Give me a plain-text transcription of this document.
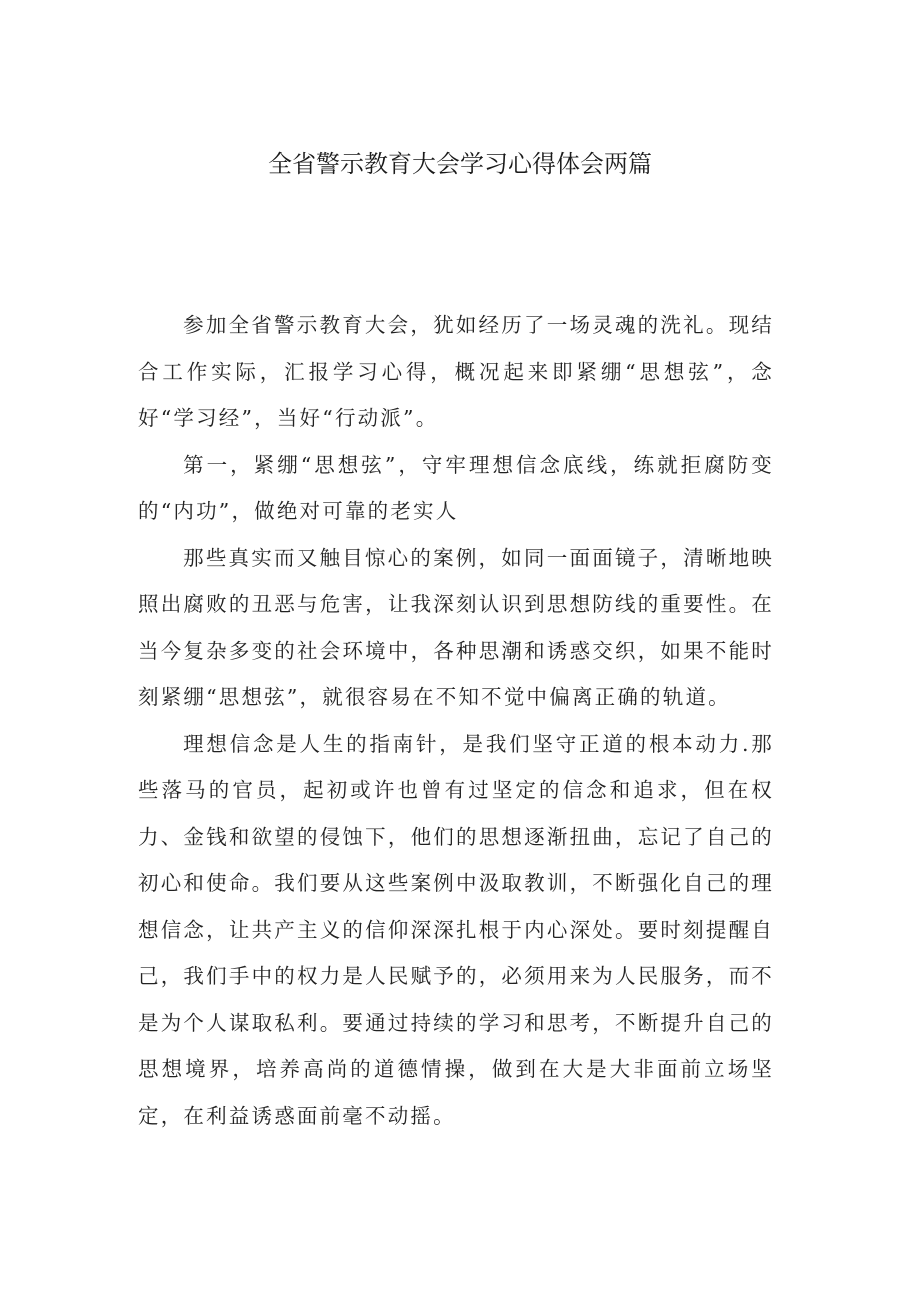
全省警示教育大会学习心得体会两篇

参加全省警示教育大会，犹如经历了一场灵魂的洗礼。现结合工作实际，汇报学习心得，概况起来即紧绷“思想弦”，念好“学习经”，当好“行动派”。

第一，紧绷“思想弦”，守牢理想信念底线，练就拒腐防变的“内功”，做绝对可靠的老实人

那些真实而又触目惊心的案例，如同一面面镜子，清晰地映照出腐败的丑恶与危害，让我深刻认识到思想防线的重要性。在当今复杂多变的社会环境中，各种思潮和诱惑交织，如果不能时刻紧绷“思想弦”，就很容易在不知不觉中偏离正确的轨道。

理想信念是人生的指南针，是我们坚守正道的根本动力.那些落马的官员，起初或许也曾有过坚定的信念和追求，但在权力、金钱和欲望的侵蚀下，他们的思想逐渐扭曲，忘记了自己的初心和使命。我们要从这些案例中汲取教训，不断强化自己的理想信念，让共产主义的信仰深深扎根于内心深处。要时刻提醒自己，我们手中的权力是人民赋予的，必须用来为人民服务，而不是为个人谋取私利。要通过持续的学习和思考，不断提升自己的思想境界，培养高尚的道德情操，做到在大是大非面前立场坚定，在利益诱惑面前毫不动摇。
